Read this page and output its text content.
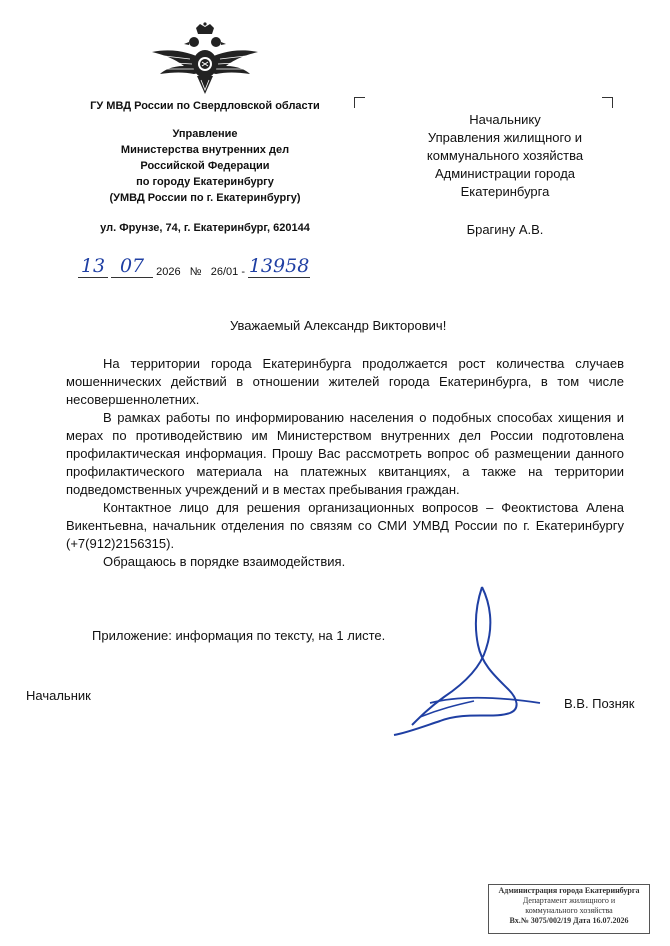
ГУ МВД России по Свердловской области
Управление
Министерства внутренних дел
Российской Федерации
по городу Екатеринбургу
(УМВД России по г. Екатеринбургу)
ул. Фрунзе, 74, г. Екатеринбург, 620144
Начальнику
Управления жилищного и
коммунального хозяйства
Администрации города
Екатеринбурга
Брагину А.В.
13 07 2026 № 26/01 - 13958
Уважаемый Александр Викторович!

На территории города Екатеринбурга продолжается рост количества случаев мошеннических действий в отношении жителей города Екатеринбурга, в том числе несовершеннолетних.

В рамках работы по информированию населения о подобных способах хищения и мерах по противодействию им Министерством внутренних дел России подготовлена профилактическая информация. Прошу Вас рассмотреть вопрос об размещении данного профилактического материала на платежных квитанциях, а также на территории подведомственных учреждений и в местах пребывания граждан.

Контактное лицо для решения организационных вопросов – Феоктистова Алена Викентьевна, начальник отделения по связям со СМИ УМВД России по г. Екатеринбургу (+7(912)2156315).

Обращаюсь в порядке взаимодействия.

Приложение: информация по тексту, на 1 листе.
Начальник
В.В. Позняк
Администрация города Екатеринбурга
Департамент жилищного и
коммунального хозяйства
Вх.№ 3075/002/19 Дата 16.07.2026
